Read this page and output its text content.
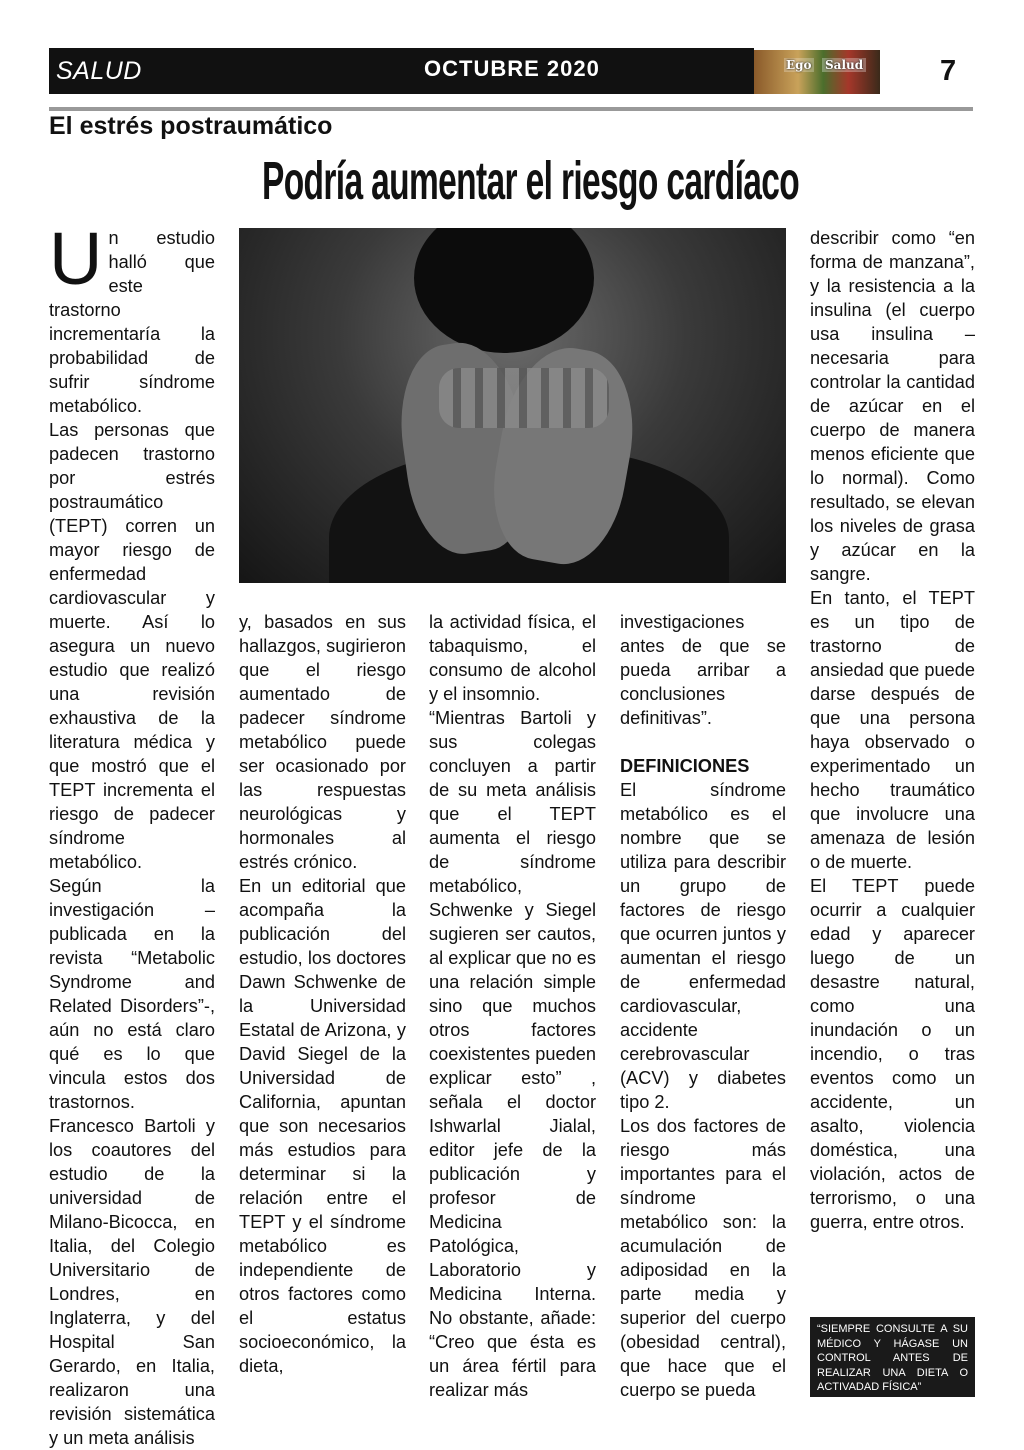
SALUD	OCTUBRE 2020	Ego Salud	7
El estrés postraumático
Podría aumentar el riesgo cardíaco
U n estudio halló que este trastorno incrementaría la probabilidad de sufrir síndrome metabólico.

Las personas que padecen trastorno por estrés postraumático (TEPT) corren un mayor riesgo de enfermedad cardiovascular y muerte. Así lo asegura un nuevo estudio que realizó una revisión exhaustiva de la literatura médica y que mostró que el TEPT incrementa el riesgo de padecer síndrome metabólico.

Según la investigación –publicada en la revista “Metabolic Syndrome and Related Disorders”-, aún no está claro qué es lo que vincula estos dos trastornos.

Francesco Bartoli y los coautores del estudio de la universidad de Milano-Bicocca, en Italia, del Colegio Universitario de Londres, en Inglaterra, y del Hospital San Gerardo, en Italia, realizaron una revisión sistemática y un meta análisis

y, basados en sus hallazgos, sugirieron que el riesgo aumentado de padecer síndrome metabólico puede ser ocasionado por las respuestas neurológicas y hormonales al estrés crónico.

En un editorial que acompaña la publicación del estudio, los doctores Dawn Schwenke de la Universidad Estatal de Arizona, y David Siegel de la Universidad de California, apuntan que son necesarios más estudios para determinar si la relación entre el TEPT y el síndrome metabólico es independiente de otros factores como el estatus socioeconómico, la dieta,

la actividad física, el tabaquismo, el consumo de alcohol y el insomnio.

“Mientras Bartoli y sus colegas concluyen a partir de su meta análisis que el TEPT aumenta el riesgo de síndrome metabólico, Schwenke y Siegel sugieren ser cautos, al explicar que no es una relación simple sino que muchos otros factores coexistentes pueden explicar esto” , señala el doctor Ishwarlal Jialal, editor jefe de la publicación y profesor de Medicina Patológica, Laboratorio y Medicina Interna. No obstante, añade: “Creo que ésta es un área fértil para realizar más

investigaciones antes de que se pueda arribar a conclusiones definitivas”.

DEFINICIONES

El síndrome metabólico es el nombre que se utiliza para describir un grupo de factores de riesgo que ocurren juntos y aumentan el riesgo de enfermedad cardiovascular, accidente cerebrovascular (ACV) y diabetes tipo 2.

Los dos factores de riesgo más importantes para el síndrome metabólico son: la acumulación de adiposidad en la parte media y superior del cuerpo (obesidad central), que hace que el cuerpo se pueda

describir como “en forma de manzana”, y la resistencia a la insulina (el cuerpo usa insulina –necesaria para controlar la cantidad de azúcar en el cuerpo de manera menos eficiente que lo normal). Como resultado, se elevan los niveles de grasa y azúcar en la sangre.

En tanto, el TEPT es un tipo de trastorno de ansiedad que puede darse después de que una persona haya observado o experimentado un hecho traumático que involucre una amenaza de lesión o de muerte.

El TEPT puede ocurrir a cualquier edad y aparecer luego de un desastre natural, como una inundación o un incendio, o tras eventos como un accidente, un asalto, violencia doméstica, una violación, actos de terrorismo, o una guerra, entre otros.

“SIEMPRE CONSULTE A SU MÉDICO Y HÁGASE UN CONTROL ANTES DE REALIZAR UNA DIETA O ACTIVADAD FÍSICA”
